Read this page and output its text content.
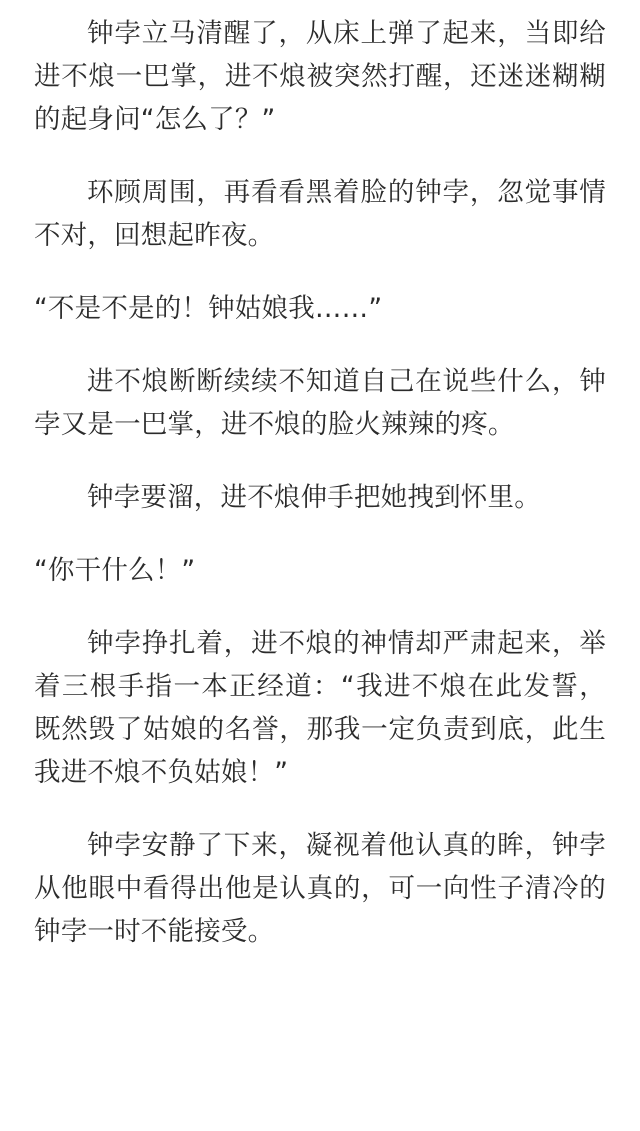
钟孛立马清醒了，从床上弹了起来，当即给进不烺一巴掌，进不烺被突然打醒，还迷迷糊糊的起身问“怎么了？”

环顾周围，再看看黑着脸的钟孛，忽觉事情不对，回想起昨夜。

“不是不是的！钟姑娘我……”

进不烺断断续续不知道自己在说些什么，钟孛又是一巴掌，进不烺的脸火辣辣的疼。

钟孛要溜，进不烺伸手把她拽到怀里。

“你干什么！”

钟孛挣扎着，进不烺的神情却严肃起来，举着三根手指一本正经道：“我进不烺在此发誓，既然毁了姑娘的名誉，那我一定负责到底，此生我进不烺不负姑娘！”

钟孛安静了下来，凝视着他认真的眸，钟孛从他眼中看得出他是认真的，可一向性子清冷的钟孛一时不能接受。
